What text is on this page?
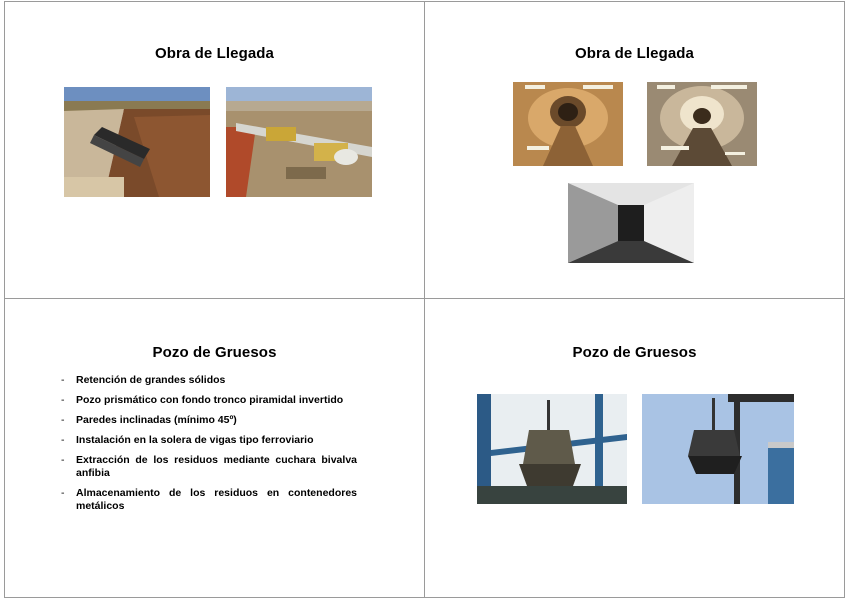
Obra de Llegada	Obra de Llegada
Pozo de Gruesos
- Retención de grandes sólidos
- Pozo prismático con fondo tronco piramidal invertido
- Paredes inclinadas (mínimo 45º)
- Instalación en la solera de vigas tipo ferroviario
- Extracción de los residuos mediante cuchara bivalva anfibia
- Almacenamiento de los residuos en contenedores metálicos
Pozo de Gruesos
